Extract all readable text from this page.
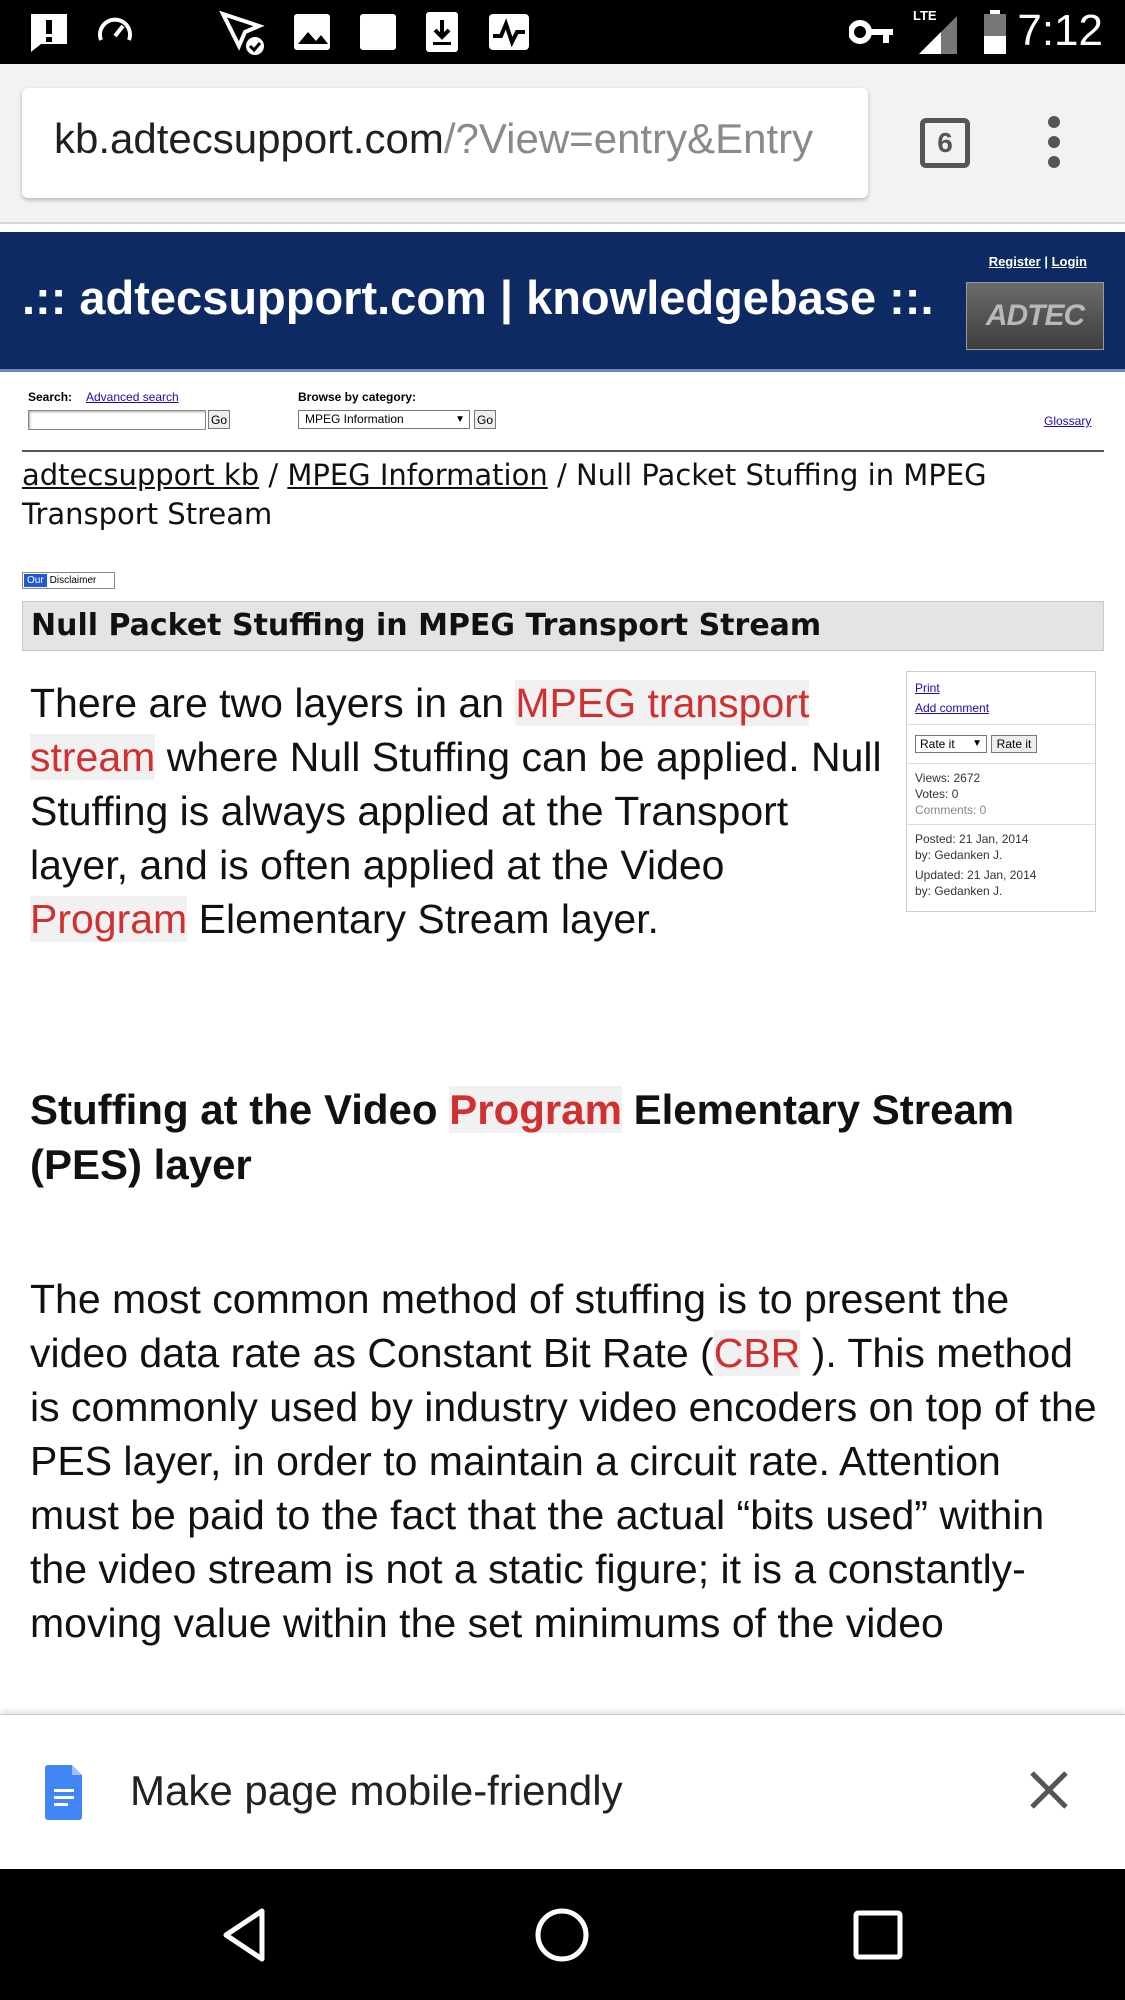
LTE 7:12
kb.adtecsupport.com/?View=entry&Entry	6
.:: adtecsupport.com | knowledgebase ::.
Register | Login
ADTEC
Search: Advanced search
Go
Browse by category:
MPEG Information	▼ Go	Glossary
adtecsupport kb / MPEG Information / Null Packet Stuffing in MPEG Transport Stream
Our Disclaimer
Null Packet Stuffing in MPEG Transport Stream
Print
Add comment
Rate it ▼	Rate it
Views: 2672
Votes: 0
Comments: 0
Posted: 21 Jan, 2014
by: Gedanken J.
Updated: 21 Jan, 2014
by: Gedanken J.
There are two layers in an MPEG transport stream where Null Stuffing can be applied. Null Stuffing is always applied at the Transport layer, and is often applied at the Video Program Elementary Stream layer.
Stuffing at the Video Program Elementary Stream (PES) layer
The most common method of stuffing is to present the video data rate as Constant Bit Rate (CBR ). This method is commonly used by industry video encoders on top of the PES layer, in order to maintain a circuit rate. Attention must be paid to the fact that the actual “bits used” within the video stream is not a static figure; it is a constantly-moving value within the set minimums of the video
Make page mobile-friendly
